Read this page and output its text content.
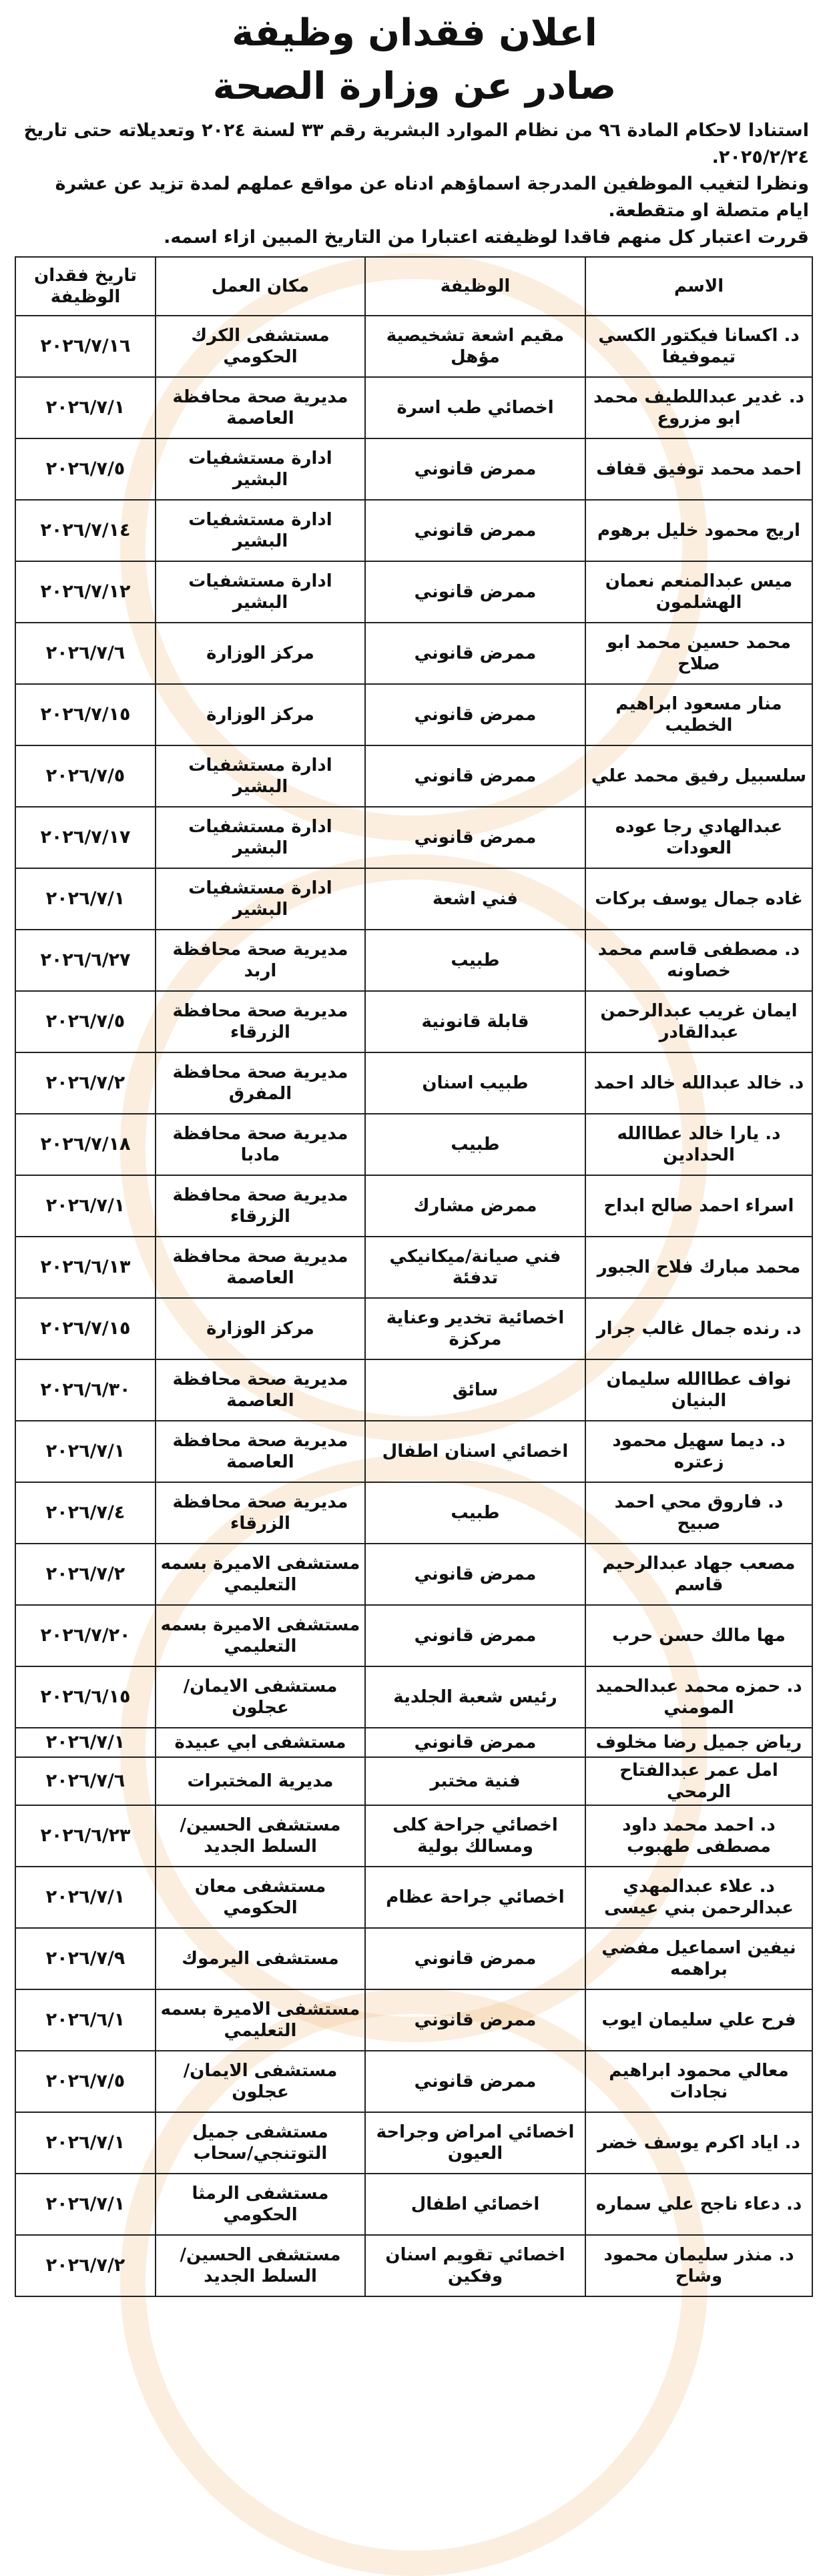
اعلان فقدان وظيفة
صادر عن وزارة الصحة

استنادا لاحكام المادة ٩٦ من نظام الموارد البشرية رقم ٣٣ لسنة ٢٠٢٤ وتعديلاته حتى تاريخ ٢٠٢٥/٢/٢٤.

ونظرا لتغيب الموظفين المدرجة اسماؤهم ادناه عن مواقع عملهم لمدة تزيد عن عشرة ايام متصلة او متقطعة.

قررت اعتبار كل منهم فاقدا لوظيفته اعتبارا من التاريخ المبين ازاء اسمه.

الاسم	الوظيفة	مكان العمل	تاريخ فقدان الوظيفة
د. اكسانا فيكتور الكسي تيموفيفا	مقيم اشعة تشخيصية مؤهل	مستشفى الكرك الحكومي	٢٠٢٦/٧/١٦
د. غدير عبداللطيف محمد ابو مزروع	اخصائي طب اسرة	مديرية صحة محافظة العاصمة	٢٠٢٦/٧/١
احمد محمد توفيق قفاف	ممرض قانوني	ادارة مستشفيات البشير	٢٠٢٦/٧/٥
اريج محمود خليل برهوم	ممرض قانوني	ادارة مستشفيات البشير	٢٠٢٦/٧/١٤
ميس عبدالمنعم نعمان الهشلمون	ممرض قانوني	ادارة مستشفيات البشير	٢٠٢٦/٧/١٢
محمد حسين محمد ابو صلاح	ممرض قانوني	مركز الوزارة	٢٠٢٦/٧/٦
منار مسعود ابراهيم الخطيب	ممرض قانوني	مركز الوزارة	٢٠٢٦/٧/١٥
سلسبيل رفيق محمد علي	ممرض قانوني	ادارة مستشفيات البشير	٢٠٢٦/٧/٥
عبدالهادي رجا عوده العودات	ممرض قانوني	ادارة مستشفيات البشير	٢٠٢٦/٧/١٧
غاده جمال يوسف بركات	فني اشعة	ادارة مستشفيات البشير	٢٠٢٦/٧/١
د. مصطفى قاسم محمد خصاونه	طبيب	مديرية صحة محافظة اربد	٢٠٢٦/٦/٢٧
ايمان غريب عبدالرحمن عبدالقادر	قابلة قانونية	مديرية صحة محافظة الزرقاء	٢٠٢٦/٧/٥
د. خالد عبدالله خالد احمد	طبيب اسنان	مديرية صحة محافظة المفرق	٢٠٢٦/٧/٢
د. يارا خالد عطاالله الحدادين	طبيب	مديرية صحة محافظة مادبا	٢٠٢٦/٧/١٨
اسراء احمد صالح ابداح	ممرض مشارك	مديرية صحة محافظة الزرقاء	٢٠٢٦/٧/١
محمد مبارك فلاح الجبور	فني صيانة/ميكانيكي تدفئة	مديرية صحة محافظة العاصمة	٢٠٢٦/٦/١٣
د. رنده جمال غالب جرار	اخصائية تخدير وعناية مركزة	مركز الوزارة	٢٠٢٦/٧/١٥
نواف عطاالله سليمان البنيان	سائق	مديرية صحة محافظة العاصمة	٢٠٢٦/٦/٣٠
د. ديما سهيل محمود زعتره	اخصائي اسنان اطفال	مديرية صحة محافظة العاصمة	٢٠٢٦/٧/١
د. فاروق محي احمد صبيح	طبيب	مديرية صحة محافظة الزرقاء	٢٠٢٦/٧/٤
مصعب جهاد عبدالرحيم قاسم	ممرض قانوني	مستشفى الاميرة بسمه التعليمي	٢٠٢٦/٧/٢
مها مالك حسن حرب	ممرض قانوني	مستشفى الاميرة بسمه التعليمي	٢٠٢٦/٧/٢٠
د. حمزه محمد عبدالحميد المومني	رئيس شعبة الجلدية	مستشفى الايمان/ عجلون	٢٠٢٦/٦/١٥
رياض جميل رضا مخلوف	ممرض قانوني	مستشفى ابي عبيدة	٢٠٢٦/٧/١
امل عمر عبدالفتاح الرمحي	فنية مختبر	مديرية المختبرات	٢٠٢٦/٧/٦
د. احمد محمد داود مصطفى طهبوب	اخصائي جراحة كلى ومسالك بولية	مستشفى الحسين/ السلط الجديد	٢٠٢٦/٦/٢٣
د. علاء عبدالمهدي عبدالرحمن بني عيسى	اخصائي جراحة عظام	مستشفى معان الحكومي	٢٠٢٦/٧/١
نيفين اسماعيل مفضي براهمه	ممرض قانوني	مستشفى اليرموك	٢٠٢٦/٧/٩
فرح علي سليمان ايوب	ممرض قانوني	مستشفى الاميرة بسمه التعليمي	٢٠٢٦/٦/١
معالي محمود ابراهيم نجادات	ممرض قانوني	مستشفى الايمان/ عجلون	٢٠٢٦/٧/٥
د. اياد اكرم يوسف خضر	اخصائي امراض وجراحة العيون	مستشفى جميل التوتنجي/سحاب	٢٠٢٦/٧/١
د. دعاء ناجح علي سماره	اخصائي اطفال	مستشفى الرمثا الحكومي	٢٠٢٦/٧/١
د. منذر سليمان محمود وشاح	اخصائي تقويم اسنان وفكين	مستشفى الحسين/ السلط الجديد	٢٠٢٦/٧/٢
